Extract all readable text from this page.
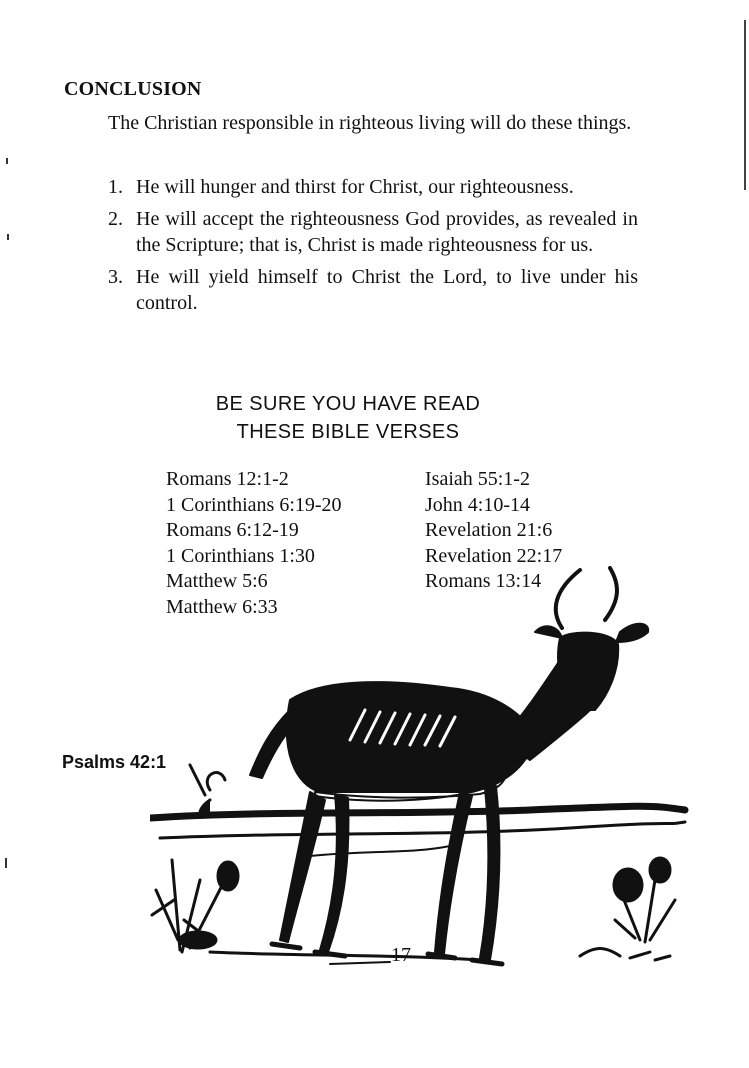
CONCLUSION
The Christian responsible in righteous living will do these things.
1. He will hunger and thirst for Christ, our righteousness.
2. He will accept the righteousness God provides, as revealed in the Scripture; that is, Christ is made righteousness for us.
3. He will yield himself to Christ the Lord, to live under his control.
BE SURE YOU HAVE READ
THESE BIBLE VERSES
Romans 12:1-2
1 Corinthians 6:19-20
Romans 6:12-19
1 Corinthians 1:30
Matthew 5:6
Matthew 6:33
Isaiah 55:1-2
John 4:10-14
Revelation 21:6
Revelation 22:17
Romans 13:14
Psalms 42:1
17
